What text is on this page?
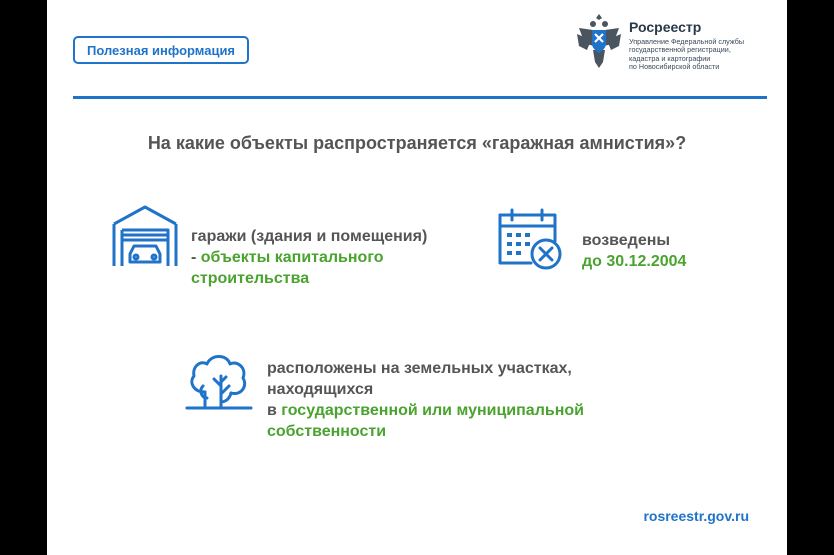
Полезная информация
Росреестр
Управление Федеральной службы
государственной регистрации,
кадастра и картографии
по Новосибирской области
На какие объекты распространяется «гаражная амнистия»?
гаражи (здания и помещения)
- объекты капитального
строительства
возведены
до 30.12.2004
расположены на земельных участках,
находящихся
в государственной или муниципальной
собственности
rosreestr.gov.ru
